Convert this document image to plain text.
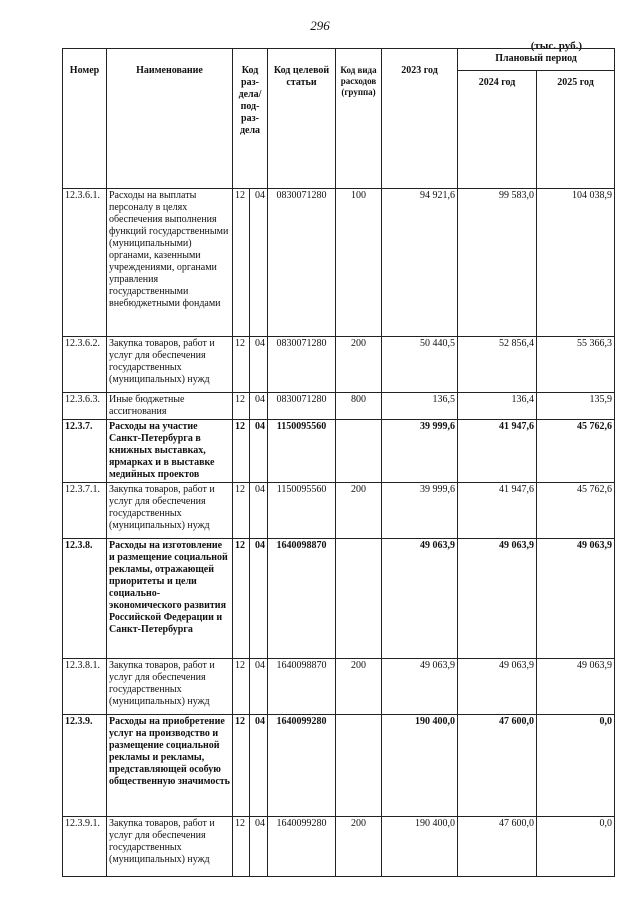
296
(тыс. руб.)
Номер	Наименование	Код раз-дела/ под-раз-дела		Код целевой статьи	Код вида расходов (группа)	2023 год	Плановый период	
							2024 год	2025 год
12.3.6.1.	Расходы на выплаты персоналу в целях обеспечения выполнения функций государственными (муниципальными) органами, казенными учреждениями, органами управления государственными внебюджетными фондами	12	04	0830071280	100	94 921,6	99 583,0	104 038,9
12.3.6.2.	Закупка товаров, работ и услуг для обеспечения государственных (муниципальных) нужд	12	04	0830071280	200	50 440,5	52 856,4	55 366,3
12.3.6.3.	Иные бюджетные ассигнования	12	04	0830071280	800	136,5	136,4	135,9
12.3.7.	Расходы на участие Санкт-Петербурга в книжных выставках, ярмарках и в выставке медийных проектов	12	04	1150095560		39 999,6	41 947,6	45 762,6
12.3.7.1.	Закупка товаров, работ и услуг для обеспечения государственных (муниципальных) нужд	12	04	1150095560	200	39 999,6	41 947,6	45 762,6
12.3.8.	Расходы на изготовление и размещение социальной рекламы, отражающей приоритеты и цели социально-экономического развития Российской Федерации и Санкт-Петербурга	12	04	1640098870		49 063,9	49 063,9	49 063,9
12.3.8.1.	Закупка товаров, работ и услуг для обеспечения государственных (муниципальных) нужд	12	04	1640098870	200	49 063,9	49 063,9	49 063,9
12.3.9.	Расходы на приобретение услуг на производство и размещение социальной рекламы и рекламы, представляющей особую общественную значимость	12	04	1640099280		190 400,0	47 600,0	0,0
12.3.9.1.	Закупка товаров, работ и услуг для обеспечения государственных (муниципальных) нужд	12	04	1640099280	200	190 400,0	47 600,0	0,0
